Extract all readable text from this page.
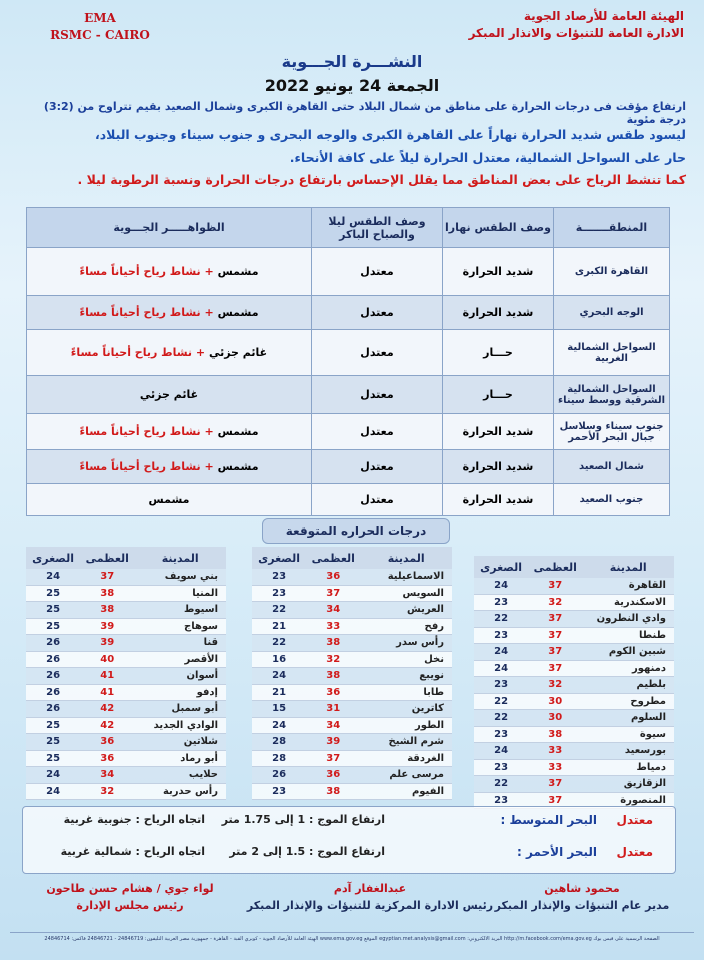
EMA
RSMC - CAIRO
الهيئة العامة للأرصاد الجوية
الادارة العامة للتنبؤات والانذار المبكر
النشـــرة الجـــوية
الجمعة 24 يونيو 2022
ارتفاع مؤقت فى درجات الحرارة على مناطق من شمال البلاد حتى القاهرة الكبرى وشمال الصعيد بقيم تتراوح من (3:2) درجة مئوية
ليسود طقس شديد الحرارة نهاراً على القاهرة الكبرى والوجه البحرى و جنوب سيناء وجنوب البلاد،
حار على السواحل الشمالية، معتدل الحرارة ليلاً على كافة الأنحاء.
كما تنشط الرياح على بعض المناطق مما يقلل الإحساس بارتفاع درجات الحرارة ونسبة الرطوبة ليلا .
المنطقـــــــة	وصف الطقس نهارا	وصف الطقس ليلا والصباح الباكر	الظواهـــــر الجـــوية
القاهرة الكبرى	شديد الحرارة	معتدل	مشمس + نشاط رياح أحياناً مساءً
الوجه البحري	شديد الحرارة	معتدل	مشمس + نشاط رياح أحياناً مساءً
السواحل الشمالية الغربية	حـــار	معتدل	غائم جزئي + نشاط رياح أحياناً مساءً
السواحل الشمالية الشرقية ووسط سيناء	حـــار	معتدل	غائم جزئي
جنوب سيناء وسلاسل جبال البحر الأحمر	شديد الحرارة	معتدل	مشمس + نشاط رياح أحياناً مساءً
شمال الصعيد	شديد الحرارة	معتدل	مشمس + نشاط رياح أحياناً مساءً
جنوب الصعيد	شديد الحرارة	معتدل	مشمس
درجات الحراره المتوقعة
المدينة	العظمى	الصغرى
القاهرة	37	24
الاسكندرية	32	23
وادي النطرون	37	22
طنطا	37	23
شبين الكوم	37	24
دمنهور	37	24
بلطيم	32	23
مطروح	30	22
السلوم	30	22
سيوة	38	23
بورسعيد	33	24
دمياط	33	23
الزقازيق	37	22
المنصورة	37	23
المدينة	العظمى	الصغرى
الاسماعيلية	36	23
السويس	37	23
العريش	34	22
رفح	33	21
رأس سدر	38	22
نخل	32	16
نويبع	38	24
طابا	36	21
كاترين	31	15
الطور	34	24
شرم الشيخ	39	28
الغردقة	37	28
مرسى علم	36	26
الفيوم	38	23
المدينة	العظمى	الصغرى
بني سويف	37	24
المنيا	38	25
اسيوط	38	25
سوهاج	39	25
قنا	39	26
الأقصر	40	26
أسوان	41	26
إدفو	41	26
أبو سمبل	42	26
الوادي الجديد	42	25
شلاتين	36	25
أبو رماد	36	25
حلايب	34	24
رأس حدربة	32	24
البحر المتوسط : معتدل
ارتفاع الموج : 1 إلى 1.75 متر
اتجاه الرياح : جنوبية غربية
البحر الأحمر : معتدل
ارتفاع الموج : 1.5 إلى 2 متر
اتجاه الرياح : شمالية غربية
محمود شاهين
مدير عام التنبؤات والإنذار المبكر
عبدالغفار آدم
رئيس الادارة المركزية للتنبؤات والإنذار المبكر
لواء جوي / هشام حسن طاحون
رئيس مجلس الإدارة
الصفحة الرسمية على فيس بوك http://m.facebook.com/ema.gov.eg البريد الالكتروني: egyptian.met.analysis@gmail.com الموقع www.ema.gov.eg الهيئة العامة للأرصاد الجوية - كوبري القبة - القاهرة - جمهورية مصر العربية التليفون: 24846719 - 24846721 فاكس: 24846714
